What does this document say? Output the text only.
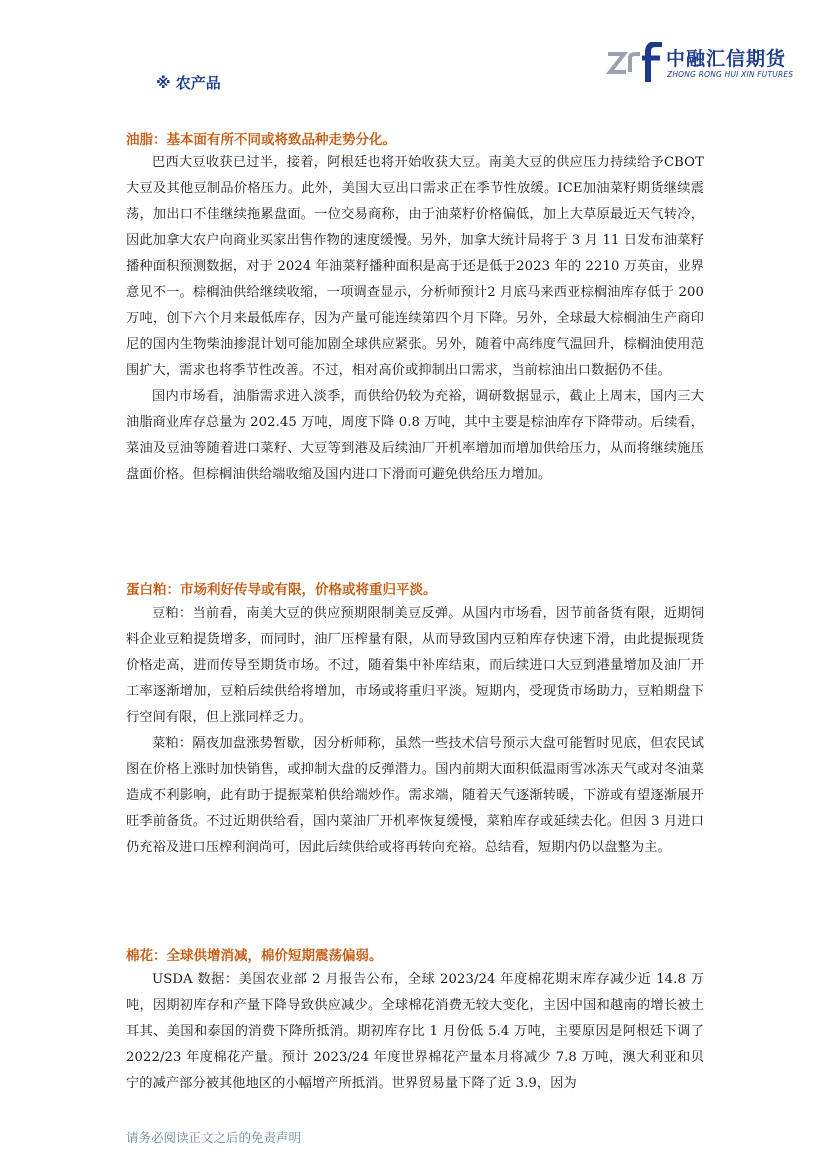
中融汇信期货
ZHONG RONG HUI XIN FUTURES
※ 农产品
油脂：基本面有所不同或将致品种走势分化。

巴西大豆收获已过半，接着，阿根廷也将开始收获大豆。南美大豆的供应压力持续给予CBOT大豆及其他豆制品价格压力。此外，美国大豆出口需求正在季节性放缓。ICE加油菜籽期货继续震荡，加出口不佳继续拖累盘面。一位交易商称，由于油菜籽价格偏低，加上大草原最近天气转冷，因此加拿大农户向商业买家出售作物的速度缓慢。另外，加拿大统计局将于 3 月 11 日发布油菜籽播种面积预测数据，对于 2024 年油菜籽播种面积是高于还是低于2023 年的 2210 万英亩，业界意见不一。棕榈油供给继续收缩，一项调查显示，分析师预计2 月底马来西亚棕榈油库存低于 200 万吨，创下六个月来最低库存，因为产量可能连续第四个月下降。另外，全球最大棕榈油生产商印尼的国内生物柴油掺混计划可能加剧全球供应紧张。另外，随着中高纬度气温回升，棕榈油使用范围扩大，需求也将季节性改善。不过，相对高价或抑制出口需求，当前棕油出口数据仍不佳。

国内市场看，油脂需求进入淡季，而供给仍较为充裕，调研数据显示，截止上周末，国内三大油脂商业库存总量为 202.45 万吨，周度下降 0.8 万吨，其中主要是棕油库存下降带动。后续看，菜油及豆油等随着进口菜籽、大豆等到港及后续油厂开机率增加而增加供给压力，从而将继续施压盘面价格。但棕榈油供给端收缩及国内进口下滑而可避免供给压力增加。

蛋白粕：市场利好传导或有限，价格或将重归平淡。

豆粕：当前看，南美大豆的供应预期限制美豆反弹。从国内市场看，因节前备货有限，近期饲料企业豆粕提货增多，而同时，油厂压榨量有限，从而导致国内豆粕库存快速下滑，由此提振现货价格走高，进而传导至期货市场。不过，随着集中补库结束，而后续进口大豆到港量增加及油厂开工率逐渐增加，豆粕后续供给将增加，市场或将重归平淡。短期内，受现货市场助力，豆粕期盘下行空间有限，但上涨同样乏力。

菜粕：隔夜加盘涨势暂歇，因分析师称，虽然一些技术信号预示大盘可能暂时见底，但农民试图在价格上涨时加快销售，或抑制大盘的反弹潜力。国内前期大面积低温雨雪冰冻天气或对冬油菜造成不利影响，此有助于提振菜粕供给端炒作。需求端，随着天气逐渐转暖，下游或有望逐渐展开旺季前备货。不过近期供给看，国内菜油厂开机率恢复缓慢，菜粕库存或延续去化。但因 3 月进口仍充裕及进口压榨利润尚可，因此后续供给或将再转向充裕。总结看，短期内仍以盘整为主。

棉花：全球供增消减，棉价短期震荡偏弱。

USDA 数据：美国农业部 2 月报告公布，全球 2023/24 年度棉花期末库存减少近 14.8 万吨，因期初库存和产量下降导致供应减少。全球棉花消费无较大变化，主因中国和越南的增长被土耳其、美国和泰国的消费下降所抵消。期初库存比 1 月份低 5.4 万吨，主要原因是阿根廷下调了 2022/23 年度棉花产量。预计 2023/24 年度世界棉花产量本月将减少 7.8 万吨，澳大利亚和贝宁的减产部分被其他地区的小幅增产所抵消。世界贸易量下降了近 3.9，因为

请务必阅读正文之后的免责声明
